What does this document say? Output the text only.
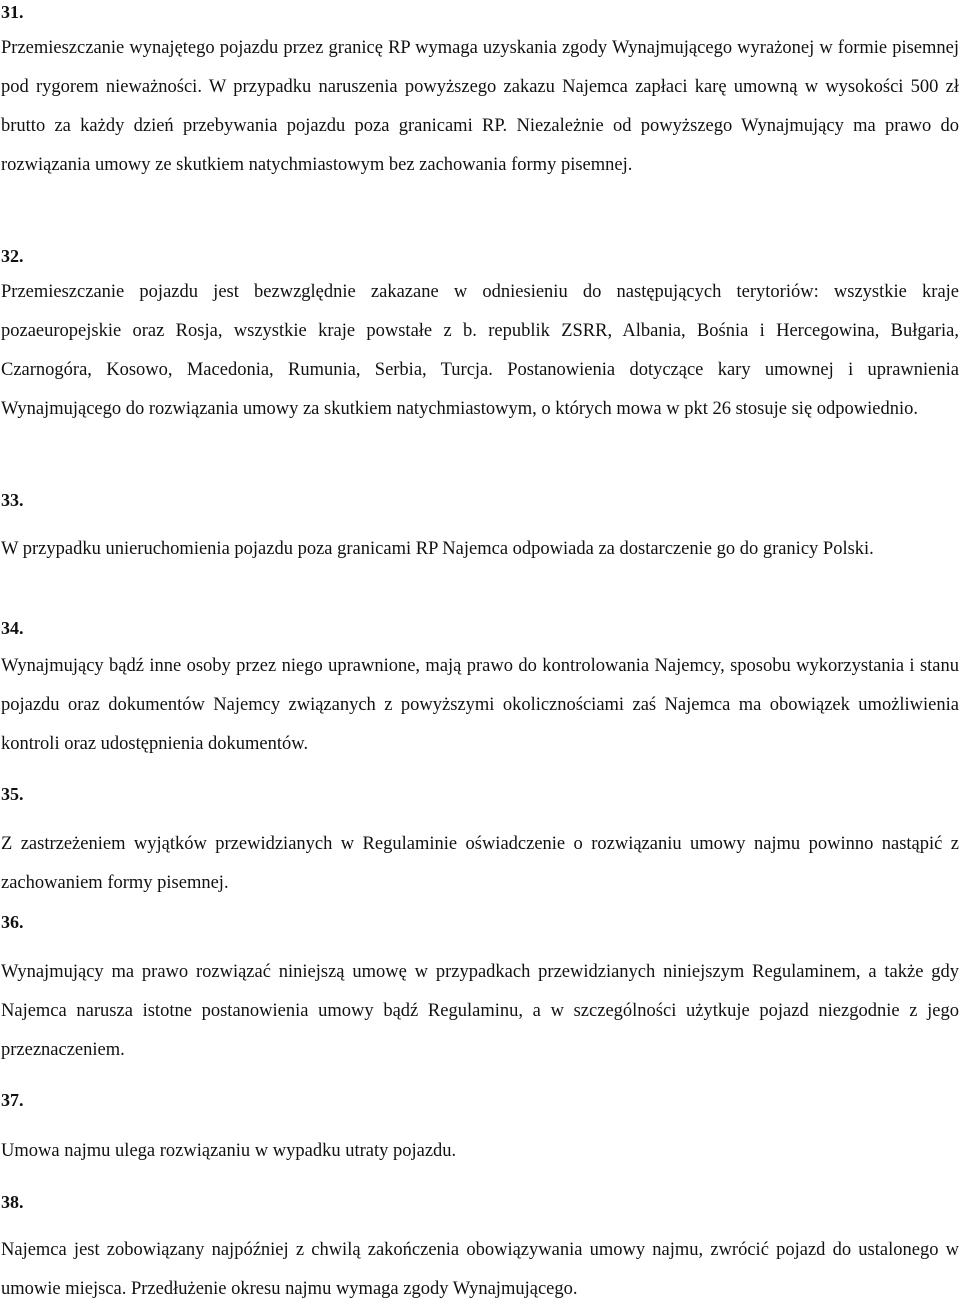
31.

Przemieszczanie wynajętego pojazdu przez granicę RP wymaga uzyskania zgody Wynajmującego wyrażonej w formie pisemnej pod rygorem nieważności. W przypadku naruszenia powyższego zakazu Najemca zapłaci karę umowną w wysokości 500 zł brutto za każdy dzień przebywania pojazdu poza granicami RP. Niezależnie od powyższego Wynajmujący ma prawo do rozwiązania umowy ze skutkiem natychmiastowym bez zachowania formy pisemnej.

32.

Przemieszczanie pojazdu jest bezwzględnie zakazane w odniesieniu do następujących terytoriów: wszystkie kraje pozaeuropejskie oraz Rosja, wszystkie kraje powstałe z b. republik ZSRR, Albania, Bośnia i Hercegowina, Bułgaria, Czarnogóra, Kosowo, Macedonia, Rumunia, Serbia, Turcja. Postanowienia dotyczące kary umownej i uprawnienia Wynajmującego do rozwiązania umowy za skutkiem natychmiastowym, o których mowa w pkt 26 stosuje się odpowiednio.

33.

W przypadku unieruchomienia pojazdu poza granicami RP Najemca odpowiada za dostarczenie go do granicy Polski.

34.

Wynajmujący bądź inne osoby przez niego uprawnione, mają prawo do kontrolowania Najemcy, sposobu wykorzystania i stanu pojazdu oraz dokumentów Najemcy związanych z powyższymi okolicznościami zaś Najemca ma obowiązek umożliwienia kontroli oraz udostępnienia dokumentów.

35.

Z zastrzeżeniem wyjątków przewidzianych w Regulaminie oświadczenie o rozwiązaniu umowy najmu powinno nastąpić z zachowaniem formy pisemnej.

36.

Wynajmujący ma prawo rozwiązać niniejszą umowę w przypadkach przewidzianych niniejszym Regulaminem, a także gdy Najemca narusza istotne postanowienia umowy bądź Regulaminu, a w szczególności użytkuje pojazd niezgodnie z jego przeznaczeniem.

37.

Umowa najmu ulega rozwiązaniu w wypadku utraty pojazdu.

38.

Najemca jest zobowiązany najpóźniej z chwilą zakończenia obowiązywania umowy najmu, zwrócić pojazd do ustalonego w umowie miejsca. Przedłużenie okresu najmu wymaga zgody Wynajmującego.
